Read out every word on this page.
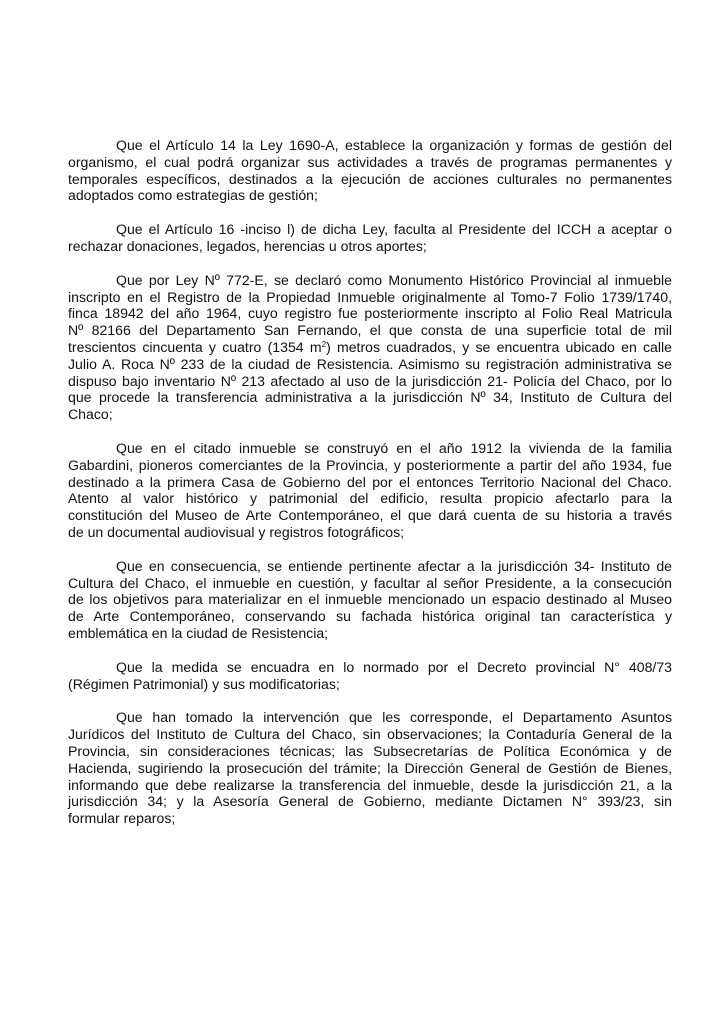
Que el Artículo 14 la Ley 1690-A, establece la organización y formas de gestión del
organismo, el cual podrá organizar sus actividades a través de programas permanentes y
temporales específicos, destinados a la ejecución de acciones culturales no permanentes
adoptados como estrategias de gestión;
Que el Artículo 16 -inciso l) de dicha Ley, faculta al Presidente del ICCH a aceptar o
rechazar donaciones, legados, herencias u otros aportes;
Que por Ley Nº 772-E, se declaró como Monumento Histórico Provincial al inmueble
inscripto en el Registro de la Propiedad Inmueble originalmente al Tomo-7 Folio 1739/1740,
finca 18942 del año 1964, cuyo registro fue posteriormente inscripto al Folio Real Matricula
Nº 82166 del Departamento San Fernando, el que consta de una superficie total de mil
trescientos cincuenta y cuatro (1354 $m^2$) metros cuadrados, y se encuentra ubicado en calle
Julio A. Roca Nº 233 de la ciudad de Resistencia. Asimismo su registración administrativa se
dispuso bajo inventario Nº 213 afectado al uso de la jurisdicción 21- Policía del Chaco, por lo
que procede la transferencia administrativa a la jurisdicción Nº 34, Instituto de Cultura del
Chaco;
Que en el citado inmueble se construyó en el año 1912 la vivienda de la familia
Gabardini, pioneros comerciantes de la Provincia, y posteriormente a partir del año 1934, fue
destinado a la primera Casa de Gobierno del por el entonces Territorio Nacional del Chaco.
Atento al valor histórico y patrimonial del edificio, resulta propicio afectarlo para la
constitución del Museo de Arte Contemporáneo, el que dará cuenta de su historia a través
de un documental audiovisual y registros fotográficos;
Que en consecuencia, se entiende pertinente afectar a la jurisdicción 34- Instituto de
Cultura del Chaco, el inmueble en cuestión, y facultar al señor Presidente, a la consecución
de los objetivos para materializar en el inmueble mencionado un espacio destinado al Museo
de Arte Contemporáneo, conservando su fachada histórica original tan característica y
emblemática en la ciudad de Resistencia;
Que la medida se encuadra en lo normado por el Decreto provincial N° 408/73
(Régimen Patrimonial) y sus modificatorias;
Que han tomado la intervención que les corresponde, el Departamento Asuntos
Jurídicos del Instituto de Cultura del Chaco, sin observaciones; la Contaduría General de la
Provincia, sin consideraciones técnicas; las Subsecretarías de Política Económica y de
Hacienda, sugiriendo la prosecución del trámite; la Dirección General de Gestión de Bienes,
informando que debe realizarse la transferencia del inmueble, desde la jurisdicción 21, a la
jurisdicción 34; y la Asesoría General de Gobierno, mediante Dictamen N° 393/23, sin
formular reparos;
